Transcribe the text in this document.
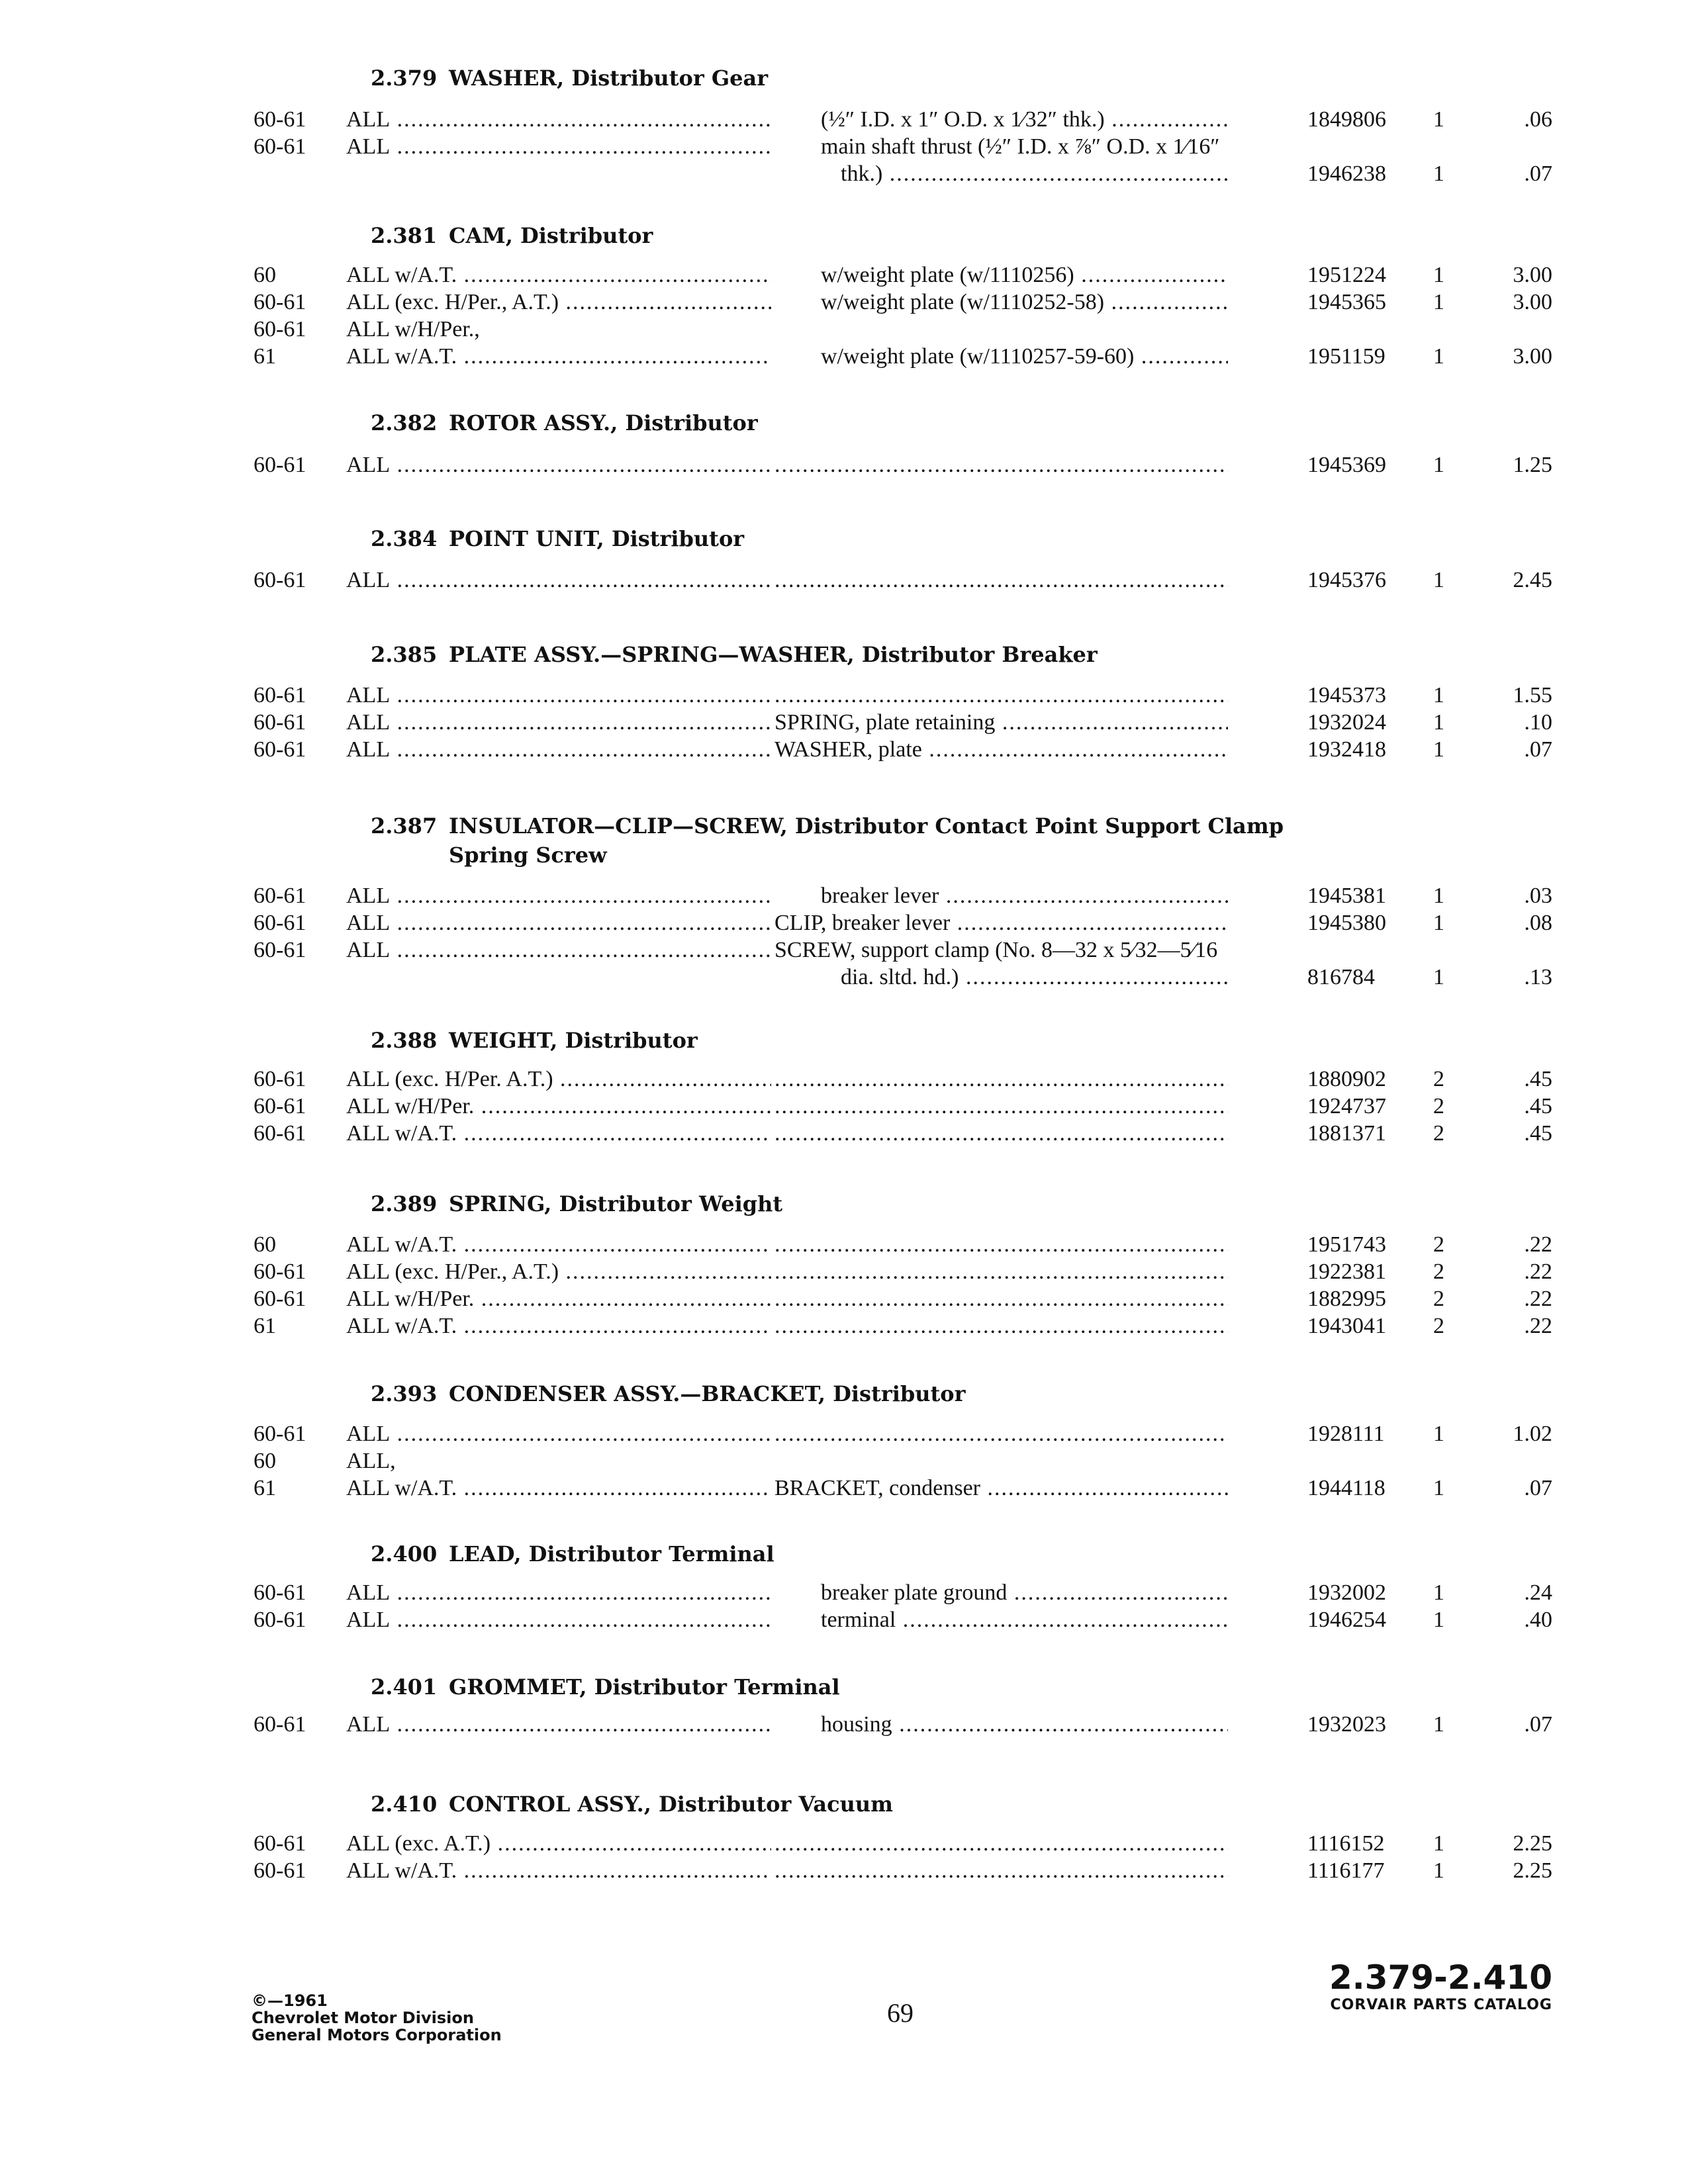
2.379 WASHER, Distributor Gear
60-61 ALL .....	(½″ I.D. x 1″ O.D. x 1⁄32″ thk.) .....	1849806 1	.06
60-61 ALL .....	main shaft thrust (½″ I.D. x ⅞″ O.D. x 1⁄16″
thk.) .....	1946238 1	.07
2.381 CAM, Distributor
60	ALL w/A.T. .....	w/weight plate (w/1110256) .....	1951224 1	3.00
60-61 ALL (exc. H/Per., A.T.) .....	w/weight plate (w/1110252-58) .....	1945365 1	3.00
60-61 ALL w/H/Per.,
61	ALL w/A.T. .....	w/weight plate (w/1110257-59-60) .....	1951159 1	3.00
2.382 ROTOR ASSY., Distributor
60-61 ALL ..... .....	1945369 1	1.25
2.384 POINT UNIT, Distributor
60-61 ALL ..... .....	1945376 1	2.45
2.385 PLATE ASSY.—SPRING—WASHER, Distributor Breaker
60-61 ALL ..... .....	1945373 1	1.55
60-61 ALL .....	SPRING, plate retaining .....	1932024 1	.10
60-61 ALL .....	WASHER, plate .....	1932418 1	.07
2.387 INSULATOR—CLIP—SCREW, Distributor Contact Point Support Clamp
Spring Screw
60-61 ALL .....	breaker lever .....	1945381 1	.03
60-61 ALL .....	CLIP, breaker lever .....	1945380 1	.08
60-61 ALL .....	SCREW, support clamp (No. 8—32 x 5⁄32—5⁄16
dia. sltd. hd.) .....	816784	1	.13
2.388 WEIGHT, Distributor
60-61 ALL (exc. H/Per. A.T.) ..... .....	1880902 2	.45
60-61 ALL w/H/Per. ..... .....	1924737 2	.45
60-61 ALL w/A.T. ..... .....	1881371 2	.45
2.389 SPRING, Distributor Weight
60	ALL w/A.T. ..... .....	1951743 2	.22
60-61 ALL (exc. H/Per., A.T.) ..... .....	1922381 2	.22
60-61 ALL w/H/Per. ..... .....	1882995 2	.22
61	ALL w/A.T. ..... .....	1943041 2	.22
2.393 CONDENSER ASSY.—BRACKET, Distributor
60-61 ALL ..... .....	1928111 1	1.02
60	ALL,
61	ALL w/A.T. .....	BRACKET, condenser .....	1944118 1	.07
2.400 LEAD, Distributor Terminal
60-61 ALL .....	breaker plate ground .....	1932002 1	.24
60-61 ALL .....	terminal .....	1946254 1	.40
2.401 GROMMET, Distributor Terminal
60-61 ALL .....	housing .....	1932023 1	.07
2.410 CONTROL ASSY., Distributor Vacuum
60-61 ALL (exc. A.T.) ..... .....	1116152 1	2.25
60-61 ALL w/A.T. ..... .....	1116177 1	2.25
©—1961
Chevrolet Motor Division
General Motors Corporation
69
2.379-2.410
CORVAIR PARTS CATALOG
